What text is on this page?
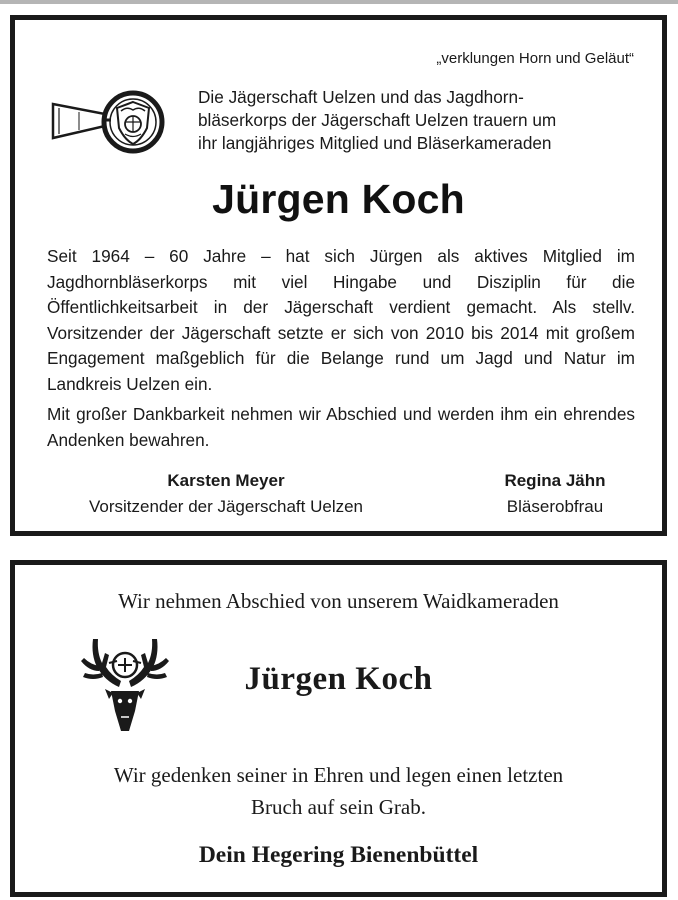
„verklungen Horn und Geläut“
Die Jägerschaft Uelzen und das Jagdhorn-
bläserkorps der Jägerschaft Uelzen trauern um
ihr langjähriges Mitglied und Bläserkameraden
Jürgen Koch

Seit 1964 – 60 Jahre – hat sich Jürgen als aktives Mitglied im Jagdhornbläserkorps mit viel Hingabe und Disziplin für die Öffentlichkeitsarbeit in der Jägerschaft verdient gemacht. Als stellv. Vorsitzender der Jägerschaft setzte er sich von 2010 bis 2014 mit großem Engagement maßgeblich für die Belange rund um Jagd und Natur im Landkreis Uelzen ein.

Mit großer Dankbarkeit nehmen wir Abschied und werden ihm ein ehrendes Andenken bewahren.

Karsten Meyer
Vorsitzender der Jägerschaft Uelzen
Regina Jähn
Bläserobfrau
Wir nehmen Abschied von unserem Waidkameraden
Jürgen Koch
Wir gedenken seiner in Ehren und legen einen letzten
Bruch auf sein Grab.
Dein Hegering Bienenbüttel
